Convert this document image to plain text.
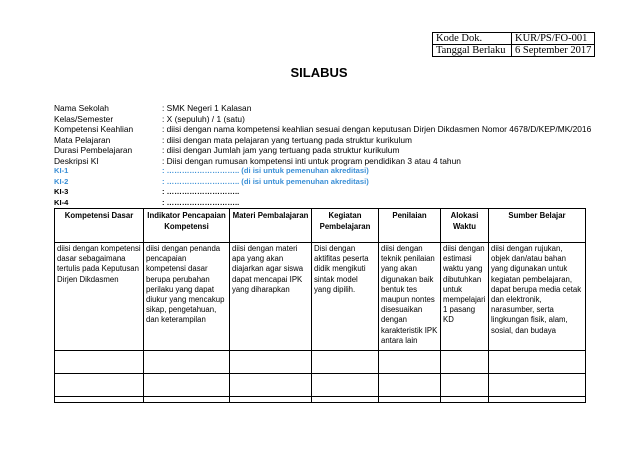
Kode Dok.	KUR/PS/FO-001
Tanggal Berlaku	6 September 2017
SILABUS
Nama Sekolah	: SMK Negeri 1 Kalasan
Kelas/Semester	: X (sepuluh) / 1 (satu)
Kompetensi Keahlian	: diisi dengan nama kompetensi keahlian sesuai dengan keputusan Dirjen Dikdasmen Nomor 4678/D/KEP/MK/2016
Mata Pelajaran	: diisi dengan mata pelajaran yang tertuang pada struktur kurikulum
Durasi Pembelajaran	: diisi dengan Jumlah jam yang tertuang pada struktur kurikulum
Deskripsi KI	: Diisi dengan rumusan kompetensi inti untuk program pendidikan 3 atau 4 tahun
KI-1	: ……………………….. (di isi untuk pemenuhan akreditasi)
KI-2	: ……………………….. (di isi untuk pemenuhan akreditasi)
KI-3	: ………………………..
KI-4	: ………………………..
Kompetensi Dasar	Indikator Pencapaian Kompetensi	Materi Pembalajaran	Kegiatan Pembelajaran	Penilaian	Alokasi Waktu	Sumber Belajar
diisi dengan kompetensi dasar sebagaimana tertulis pada Keputusan Dirjen Dikdasmen	diisi dengan penanda pencapaian kompetensi dasar berupa perubahan perilaku yang dapat diukur yang mencakup sikap, pengetahuan, dan keterampilan	diisi dengan materi apa yang akan diajarkan agar siswa dapat mencapai IPK yang diharapkan	Disi dengan aktifitas peserta didik mengikuti sintak model yang dipilih.	diisi dengan teknik penilaian yang akan digunakan baik bentuk tes maupun nontes disesuaikan dengan karakteristik IPK antara lain	diisi dengan estimasi waktu yang dibutuhkan untuk mempelajari 1 pasang KD	diisi dengan rujukan, objek dan/atau bahan yang digunakan untuk kegiatan pembelajaran, dapat berupa media cetak dan elektronik, narasumber, serta lingkungan fisik, alam, sosial, dan budaya
